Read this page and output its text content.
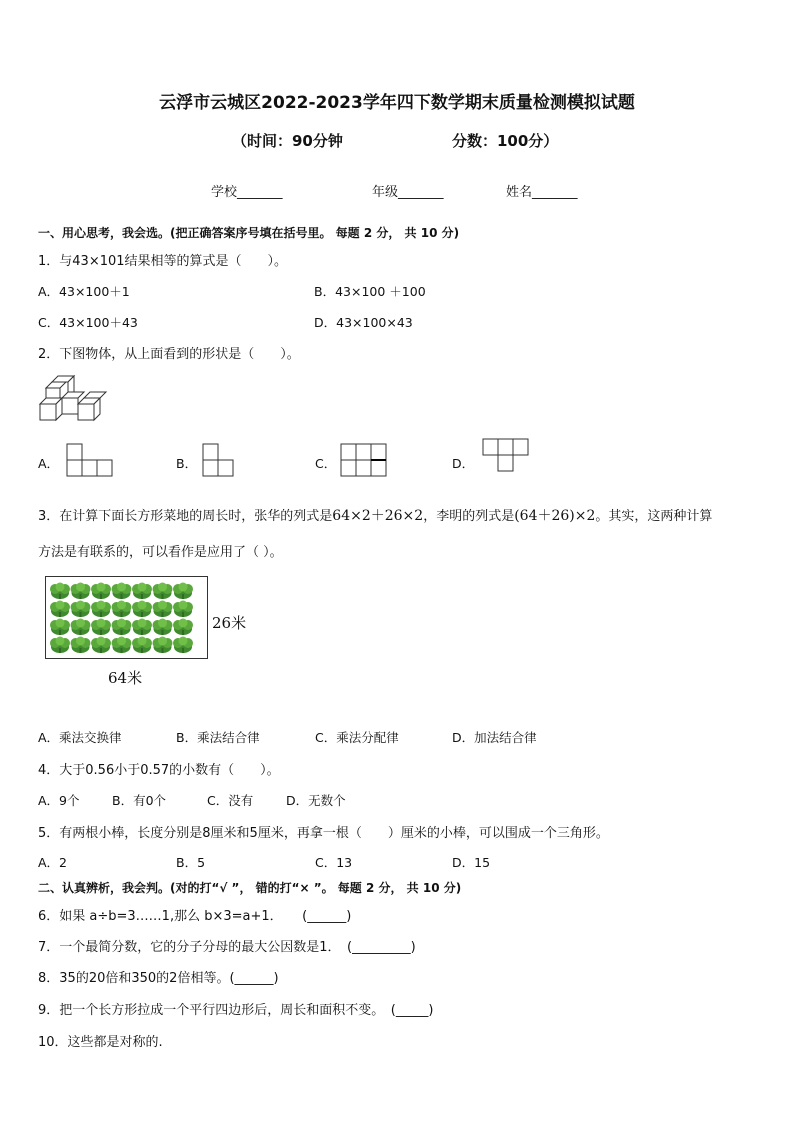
云浮市云城区2022-2023学年四下数学期末质量检测模拟试题
（时间：90分钟	分数：100分）
学校_______	年级_______	姓名_______
一、用心思考，我会选。(把正确答案序号填在括号里。 每题 2 分， 共 10 分)
1．与43×101结果相等的算式是（　　）。
A．43×100＋1	B．43×100 ＋100
C．43×100＋43	D．43×100×43
2．下图物体，从上面看到的形状是（　　）。
A．	B．	C．	D．
3．在计算下面长方形菜地的周长时，张华的列式是64×2＋26×2，李明的列式是(64＋26)×2。其实，这两种计算
方法是有联系的，可以看作是应用了（ ）。
26米
64米
A．乘法交换律	B．乘法结合律	C．乘法分配律	D．加法结合律
4．大于0.56小于0.57的小数有（　　）。
A．9个	B．有0个	C．没有	D．无数个
5．有两根小棒，长度分别是8厘米和5厘米，再拿一根（　　）厘米的小棒，可以围成一个三角形。
A．2	B．5	C．13	D．15
二、认真辨析，我会判。(对的打“√ ”， 错的打“× ”。 每题 2 分， 共 10 分)
6．如果 a÷b=3……1,那么 b×3=a+1．　　(______)
7．一个最简分数，它的分子分母的最大公因数是1．　(_________)
8．35的20倍和350的2倍相等。(______)
9．把一个长方形拉成一个平行四边形后，周长和面积不变。　(_____)
10．这些都是对称的.
